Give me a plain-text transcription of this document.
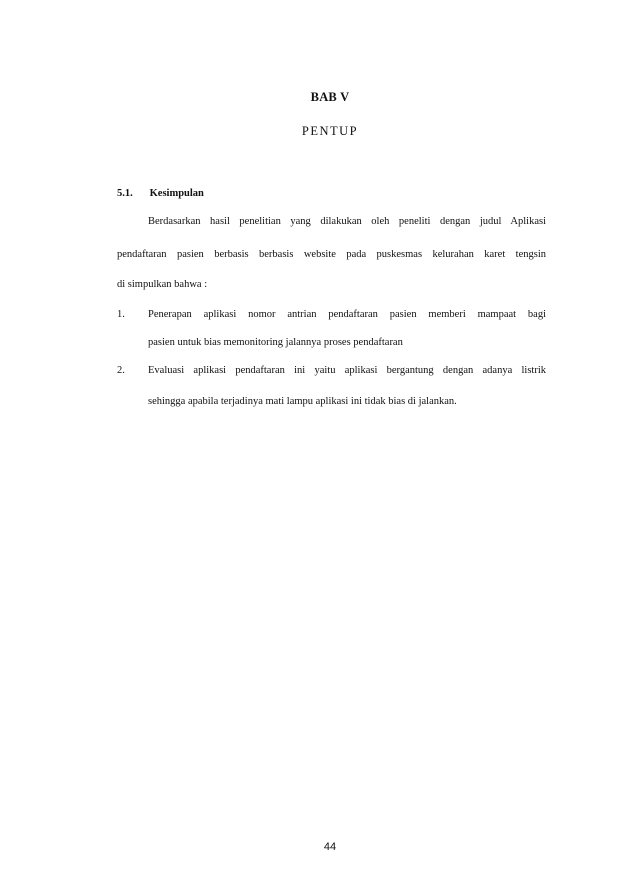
BAB V
PENTUP
5.1. Kesimpulan
Berdasarkan hasil penelitian yang dilakukan oleh peneliti dengan judul Aplikasi
pendaftaran pasien berbasis berbasis website pada puskesmas kelurahan karet tengsin
di simpulkan bahwa :
1. Penerapan aplikasi nomor antrian pendaftaran pasien memberi mampaat bagi
pasien untuk bias memonitoring jalannya proses pendaftaran
2. Evaluasi aplikasi pendaftaran ini yaitu aplikasi bergantung dengan adanya listrik
sehingga apabila terjadinya mati lampu aplikasi ini tidak bias di jalankan.
44
